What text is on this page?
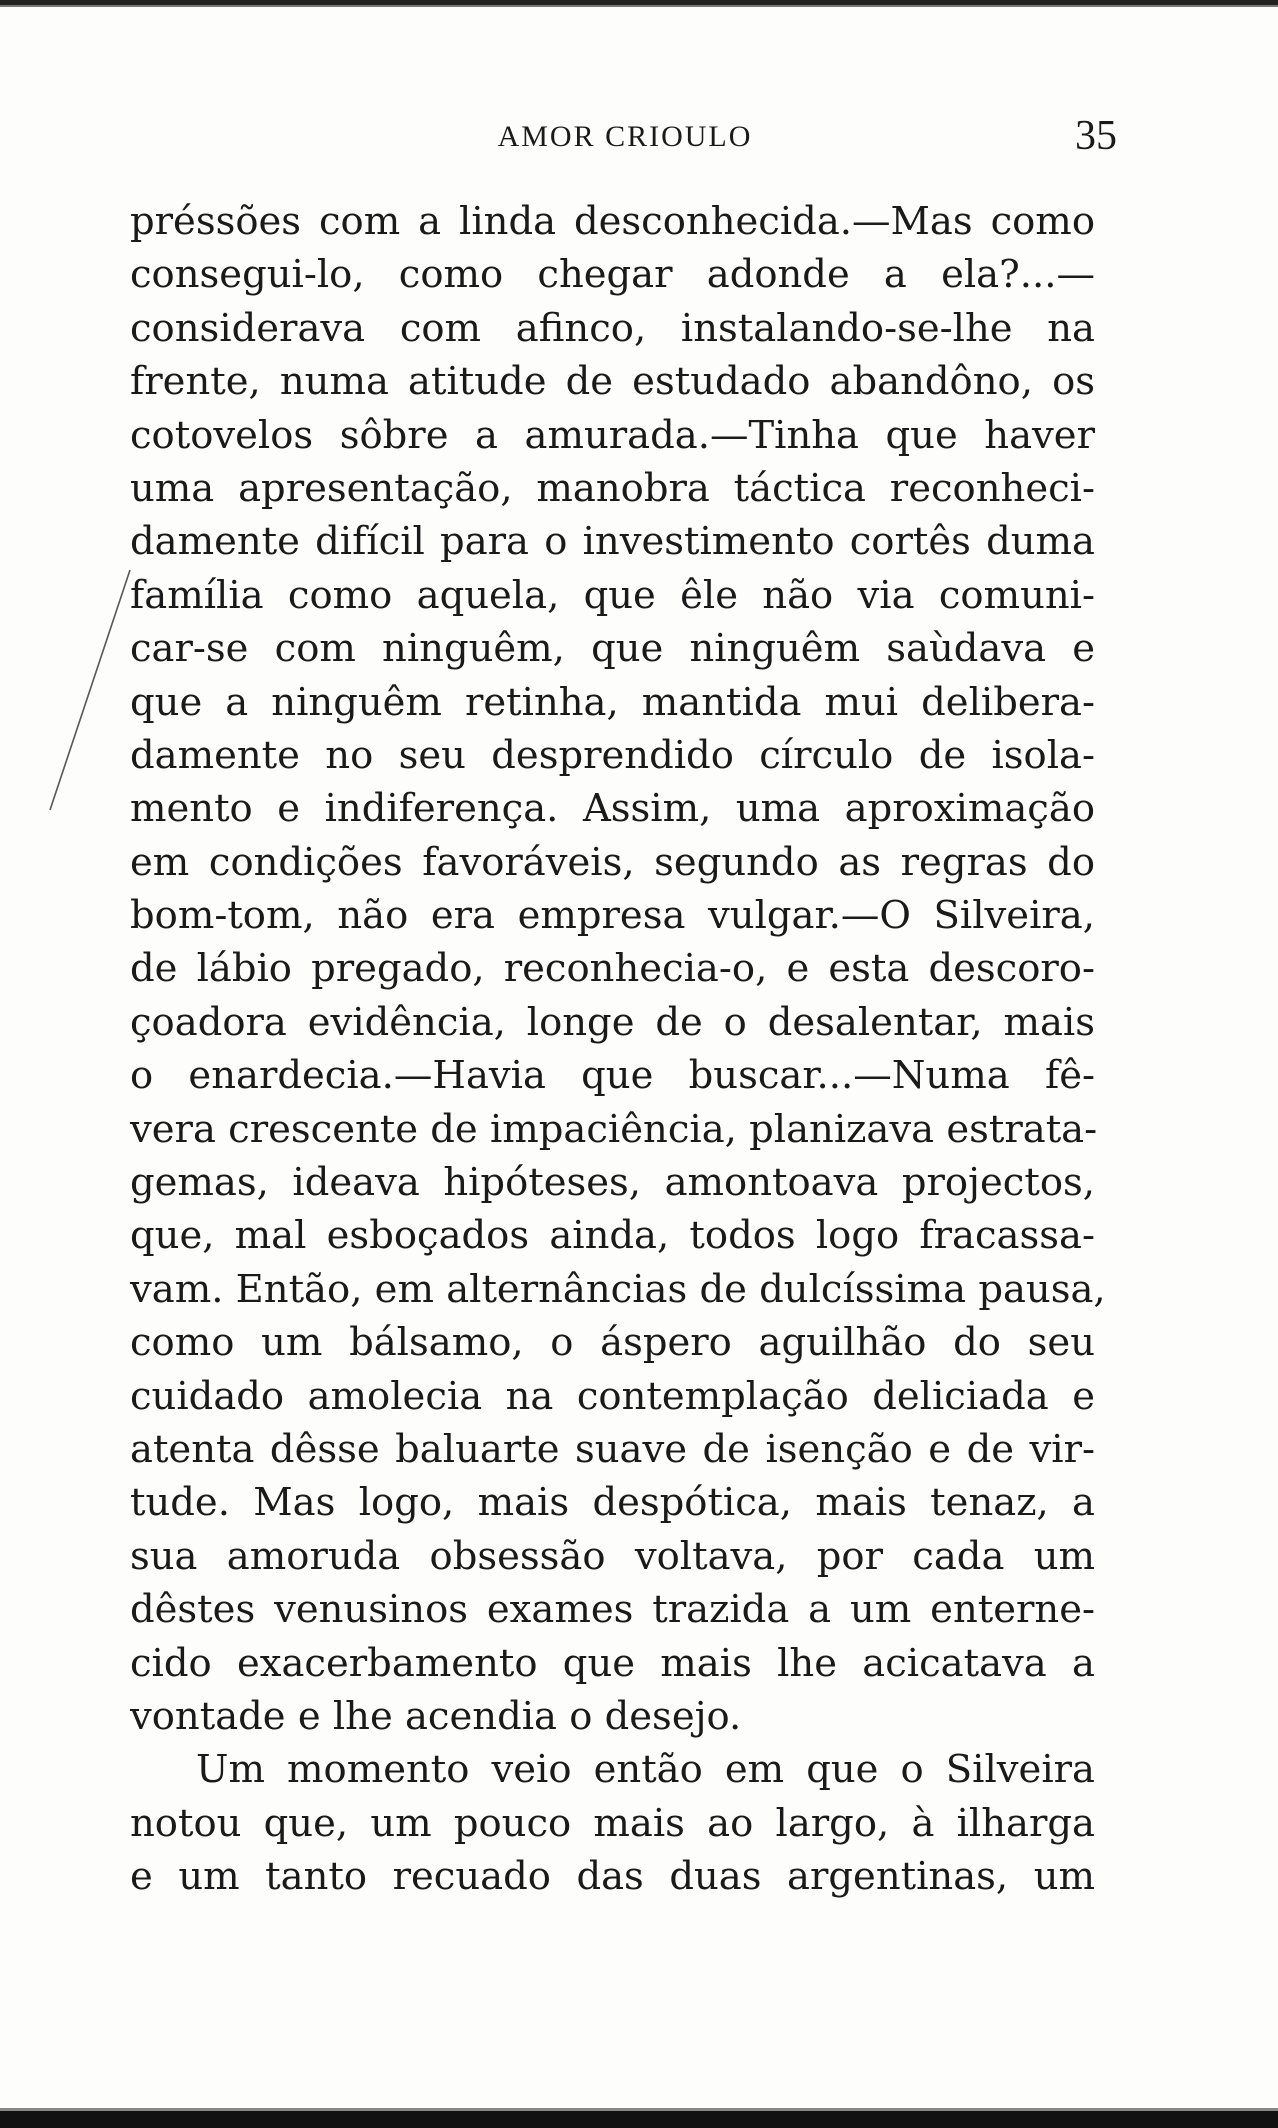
AMOR CRIOULO	35
préssões com a linda desconhecida.—Mas como
consegui-lo, como chegar adonde a ela?...—
considerava com afinco, instalando-se-lhe na
frente, numa atitude de estudado abandôno, os
cotovelos sôbre a amurada.—Tinha que haver
uma apresentação, manobra táctica reconheci-
damente difícil para o investimento cortês duma
família como aquela, que êle não via comuni-
car-se com ninguêm, que ninguêm saùdava e
que a ninguêm retinha, mantida mui delibera-
damente no seu desprendido círculo de isola-
mento e indiferença. Assim, uma aproximação
em condições favoráveis, segundo as regras do
bom-tom, não era empresa vulgar.—O Silveira,
de lábio pregado, reconhecia-o, e esta descoro-
çoadora evidência, longe de o desalentar, mais
o enardecia.—Havia que buscar...—Numa fê-
vera crescente de impaciência, planizava estrata-
gemas, ideava hipóteses, amontoava projectos,
que, mal esboçados ainda, todos logo fracassa-
vam. Então, em alternâncias de dulcíssima pausa,
como um bálsamo, o áspero aguilhão do seu
cuidado amolecia na contemplação deliciada e
atenta dêsse baluarte suave de isenção e de vir-
tude. Mas logo, mais despótica, mais tenaz, a
sua amoruda obsessão voltava, por cada um
dêstes venusinos exames trazida a um enterne-
cido exacerbamento que mais lhe acicatava a
vontade e lhe acendia o desejo.
Um momento veio então em que o Silveira
notou que, um pouco mais ao largo, à ilharga
e um tanto recuado das duas argentinas, um
